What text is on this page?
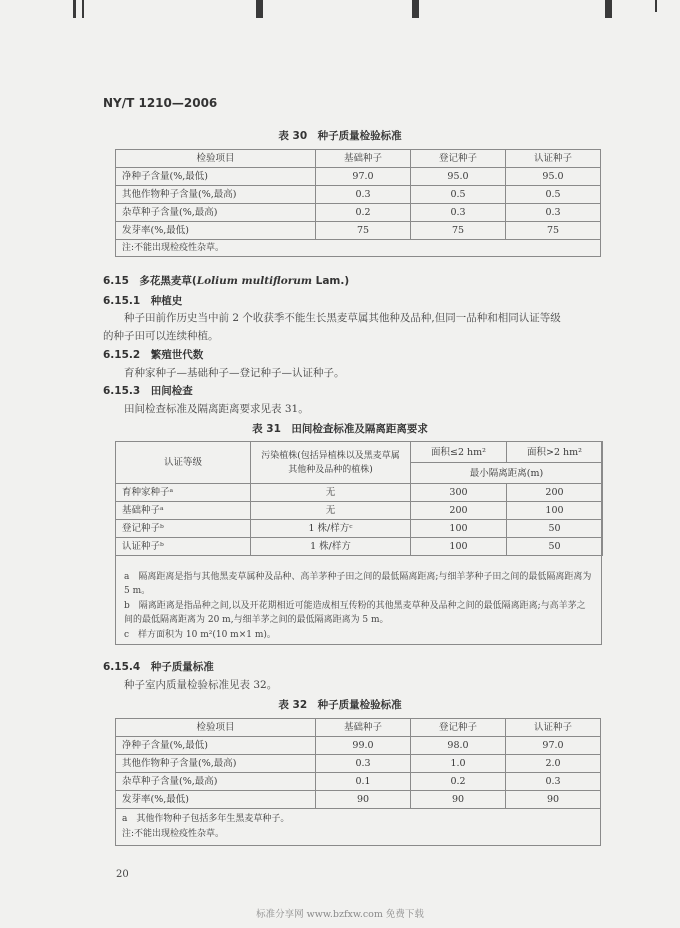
NY/T 1210—2006
表 30　种子质量检验标准
检验项目	基础种子	登记种子	认证种子
净种子含量(%,最低)	97.0	95.0	95.0
其他作物种子含量(%,最高)	0.3	0.5	0.5
杂草种子含量(%,最高)	0.2	0.3	0.3
发芽率(%,最低)	75	75	75
注:不能出现检疫性杂草。			
6.15　多花黑麦草(Lolium multiflorum Lam.)
6.15.1　种植史
种子田前作历史当中前 2 个收获季不能生长黑麦草属其他种及品种,但同一品种和相同认证等级
的种子田可以连续种植。
6.15.2　繁殖世代数
育种家种子—基础种子—登记种子—认证种子。
6.15.3　田间检查
田间检查标准及隔离距离要求见表 31。
表 31　田间检查标准及隔离距离要求
认证等级	污染植株(包括异植株以及黑麦草属其他种及品种的植株)	面积≤2 hm²	面积>2 hm²
		最小隔离距离(m)	
育种家种子ᵃ	无	300	200
基础种子ᵃ	无	200	100
登记种子ᵇ	1 株/样方ᶜ	100	50
认证种子ᵇ	1 株/样方	100	50
a　隔离距离是指与其他黑麦草属种及品种、高羊茅种子田之间的最低隔离距离;与细羊茅种子田之间的最低隔离距离为 5 m。
b　隔离距离是指品种之间,以及开花期相近可能造成相互传粉的其他黑麦草种及品种之间的最低隔离距离;与高羊茅之间的最低隔离距离为 20 m,与细羊茅之间的最低隔离距离为 5 m。
c　样方面积为 10 m²(10 m×1 m)。
6.15.4　种子质量标准
种子室内质量检验标准见表 32。
表 32　种子质量检验标准
检验项目	基础种子	登记种子	认证种子
净种子含量(%,最低)	99.0	98.0	97.0
其他作物种子含量(%,最高)	0.3	1.0	2.0
杂草种子含量(%,最高)	0.1	0.2	0.3
发芽率(%,最低)	90	90	90

a　其他作物种子包括多年生黑麦草种子。
注:不能出现检疫性杂草。			
20
标准分享网 www.bzfxw.com 免费下载
